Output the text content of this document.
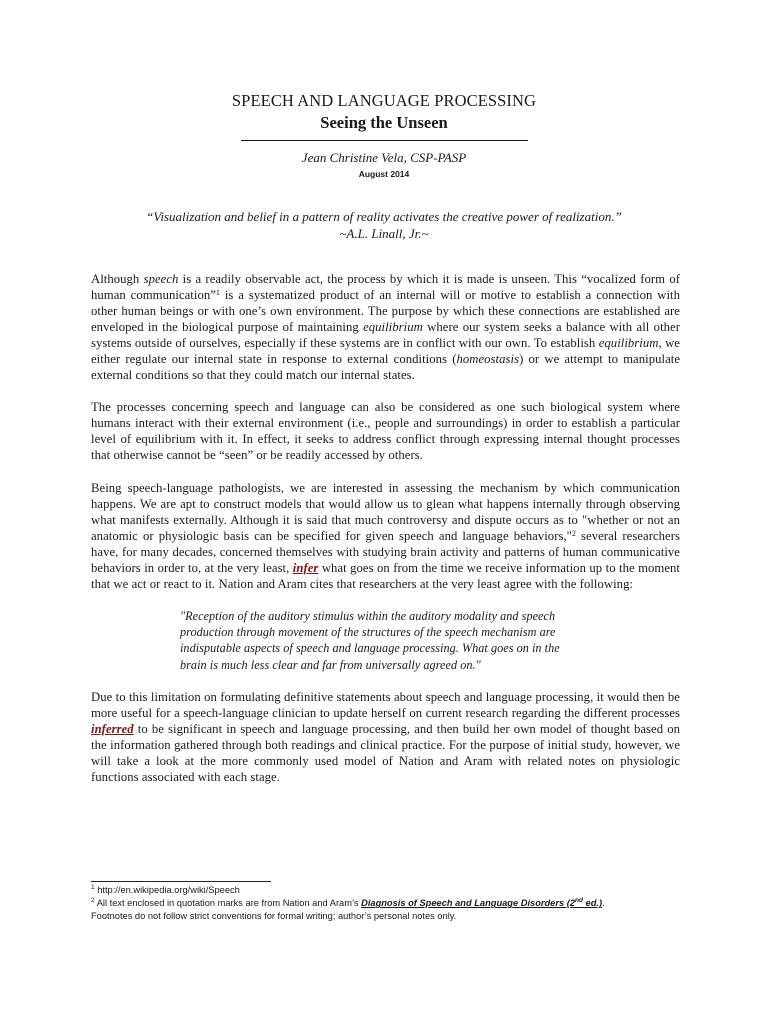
SPEECH AND LANGUAGE PROCESSING
Seeing the Unseen
Jean Christine Vela, CSP-PASP
August 2014
“Visualization and belief in a pattern of reality activates the creative power of realization.”
~A.L. Linall, Jr.~

Although speech is a readily observable act, the process by which it is made is unseen. This “vocalized form of human communication”$^1$ is a systematized product of an internal will or motive to establish a connection with other human beings or with one’s own environment. The purpose by which these connections are established are enveloped in the biological purpose of maintaining equilibrium where our system seeks a balance with all other systems outside of ourselves, especially if these systems are in conflict with our own. To establish equilibrium, we either regulate our internal state in response to external conditions (homeostasis) or we attempt to manipulate external conditions so that they could match our internal states.

The processes concerning speech and language can also be considered as one such biological system where humans interact with their external environment (i.e., people and surroundings) in order to establish a particular level of equilibrium with it. In effect, it seeks to address conflict through expressing internal thought processes that otherwise cannot be “seen” or be readily accessed by others.

Being speech-language pathologists, we are interested in assessing the mechanism by which communication happens. We are apt to construct models that would allow us to glean what happens internally through observing what manifests externally. Although it is said that much controversy and dispute occurs as to "whether or not an anatomic or physiologic basis can be specified for given speech and language behaviors,"$^2$ several researchers have, for many decades, concerned themselves with studying brain activity and patterns of human communicative behaviors in order to, at the very least, infer what goes on from the time we receive information up to the moment that we act or react to it. Nation and Aram cites that researchers at the very least agree with the following:

"Reception of the auditory stimulus within the auditory modality and speech production through movement of the structures of the speech mechanism are indisputable aspects of speech and language processing. What goes on in the brain is much less clear and far from universally agreed on."

Due to this limitation on formulating definitive statements about speech and language processing, it would then be more useful for a speech-language clinician to update herself on current research regarding the different processes inferred to be significant in speech and language processing, and then build her own model of thought based on the information gathered through both readings and clinical practice. For the purpose of initial study, however, we will take a look at the more commonly used model of Nation and Aram with related notes on physiologic functions associated with each stage.

$^1$ http://en.wikipedia.org/wiki/Speech
$^2$ All text enclosed in quotation marks are from Nation and Aram’s Diagnosis of Speech and Language Disorders (2nd ed.).
Footnotes do not follow strict conventions for formal writing; author’s personal notes only.
